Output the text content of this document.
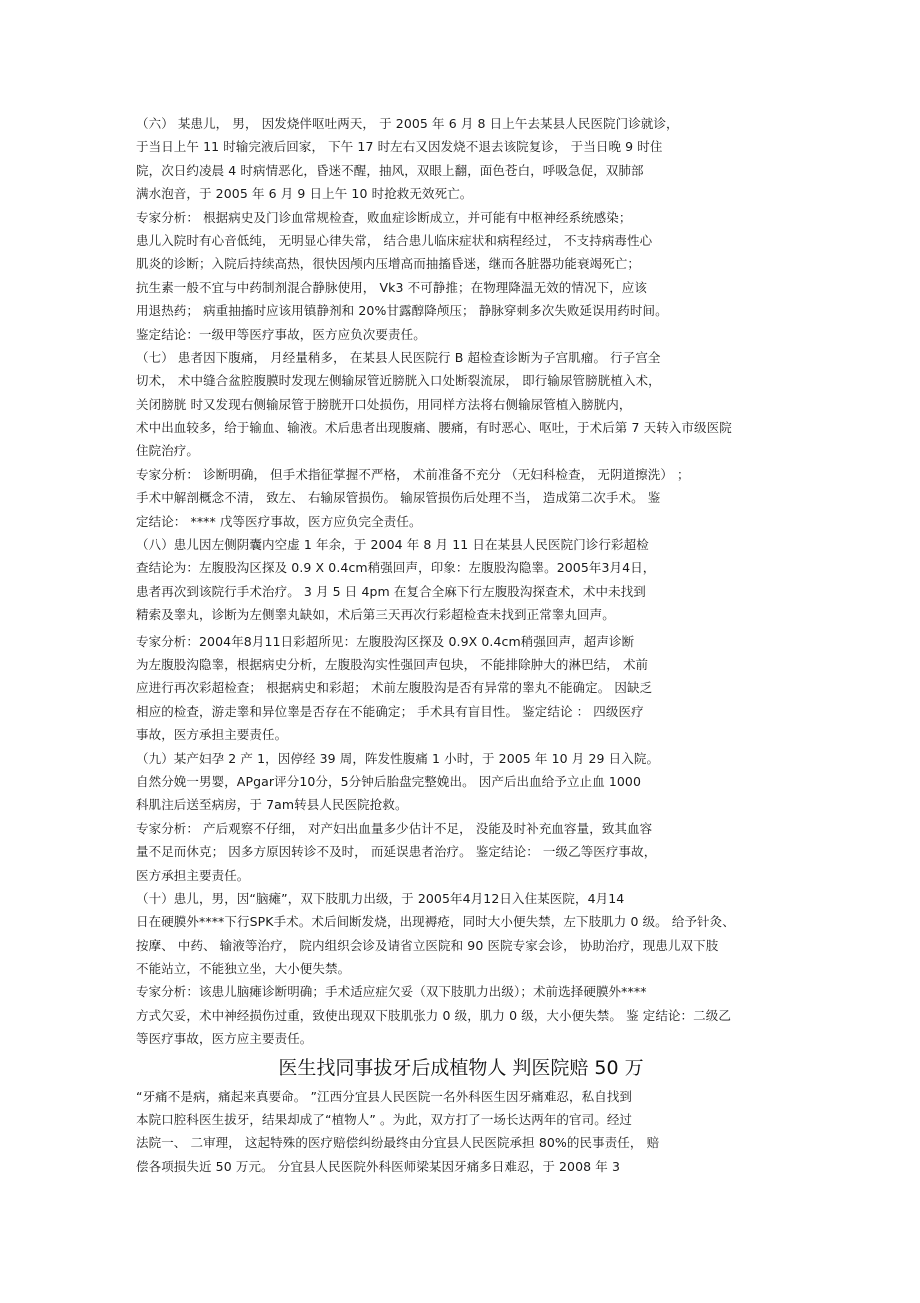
（六） 某患儿， 男， 因发烧伴呕吐两天， 于 2005 年 6 月 8 日上午去某县人民医院门诊就诊，
于当日上午 11 时输完液后回家， 下午 17 时左右又因发烧不退去该院复诊， 于当日晚 9 时住
院，次日约凌晨 4 时病情恶化，昏迷不醒，抽风，双眼上翻，面色苍白，呼吸急促，双肺部
满水泡音，于 2005 年 6 月 9 日上午 10 时抢救无效死亡。
专家分析： 根据病史及门诊血常规检查，败血症诊断成立，并可能有中枢神经系统感染；
患儿入院时有心音低纯， 无明显心律失常， 结合患儿临床症状和病程经过， 不支持病毒性心
肌炎的诊断；入院后持续高热，很快因颅内压增高而抽搐昏迷，继而各脏器功能衰竭死亡；
抗生素一般不宜与中药制剂混合静脉使用， Vk3 不可静推；在物理降温无效的情况下，应该
用退热药； 病重抽搐时应该用镇静剂和 20%甘露醇降颅压； 静脉穿刺多次失败延误用药时间。
鉴定结论：一级甲等医疗事故，医方应负次要责任。
（七） 患者因下腹痛， 月经量稍多， 在某县人民医院行 B 超检查诊断为子宫肌瘤。 行子宫全
切术， 术中缝合盆腔腹膜时发现左侧输尿管近膀胱入口处断裂流尿， 即行输尿管膀胱植入术，
关闭膀胱 时又发现右侧输尿管于膀胱开口处损伤，用同样方法将右侧输尿管植入膀胱内，
术中出血较多，给于输血、输液。术后患者出现腹痛、腰痛，有时恶心、呕吐，于术后第 7 天转入市级医院
住院治疗。
专家分析： 诊断明确， 但手术指征掌握不严格， 术前准备不充分 （无妇科检查， 无阴道擦洗） ；
手术中解剖概念不清， 致左、 右输尿管损伤。 输尿管损伤后处理不当， 造成第二次手术。 鉴
定结论： **** 戊等医疗事故，医方应负完全责任。
（八）患儿因左侧阴囊内空虚 1 年余，于 2004 年 8 月 11 日在某县人民医院门诊行彩超检
查结论为：左腹股沟区探及 0.9 X 0.4cm稍强回声，印象：左腹股沟隐睾。2005年3月4日，
患者再次到该院行手术治疗。 3 月 5 日 4pm 在复合全麻下行左腹股沟探查术，术中未找到
精索及睾丸，诊断为左侧睾丸缺如，术后第三天再次行彩超检查未找到正常睾丸回声。
专家分析：2004年8月11日彩超所见：左腹股沟区探及 0.9X 0.4cm稍强回声，超声诊断
为左腹股沟隐睾，根据病史分析，左腹股沟实性强回声包块， 不能排除肿大的淋巴结， 术前
应进行再次彩超检查； 根据病史和彩超； 术前左腹股沟是否有异常的睾丸不能确定。 因缺乏
相应的检查，游走睾和异位睾是否存在不能确定； 手术具有盲目性。 鉴定结论 ： 四级医疗
事故，医方承担主要责任。
（九）某产妇孕 2 产 1，因停经 39 周，阵发性腹痛 1 小时，于 2005 年 10 月 29 日入院。
自然分娩一男婴，APgar评分10分，5分钟后胎盘完整娩出。 因产后出血给予立止血 1000
科肌注后送至病房，于 7am转县人民医院抢救。
专家分析： 产后观察不仔细， 对产妇出血量多少估计不足， 没能及时补充血容量，致其血容
量不足而休克； 因多方原因转诊不及时， 而延误患者治疗。 鉴定结论： 一级乙等医疗事故，
医方承担主要责任。
（十）患儿，男，因“脑瘫”，双下肢肌力出级，于 2005年4月12日入住某医院，4月14
日在硬膜外****下行SPK手术。术后间断发烧，出现褥疮，同时大小便失禁，左下肢肌力 0 级。 给予针灸、
按摩、 中药、 输液等治疗， 院内组织会诊及请省立医院和 90 医院专家会诊， 协助治疗，现患儿双下肢
不能站立，不能独立坐，大小便失禁。
专家分析：该患儿脑瘫诊断明确；手术适应症欠妥（双下肢肌力出级）；术前选择硬膜外****
方式欠妥，术中神经损伤过重，致使出现双下肢肌张力 0 级，肌力 0 级，大小便失禁。 鉴 定结论：二级乙
等医疗事故，医方应主要责任。
医生找同事拔牙后成植物人 判医院赔 50 万
“牙痛不是病，痛起来真要命。 ”江西分宜县人民医院一名外科医生因牙痛难忍，私自找到
本院口腔科医生拔牙，结果却成了“植物人” 。为此，双方打了一场长达两年的官司。经过
法院一、 二审理， 这起特殊的医疗赔偿纠纷最终由分宜县人民医院承担 80%的民事责任， 赔
偿各项损失近 50 万元。 分宜县人民医院外科医师梁某因牙痛多日难忍，于 2008 年 3
